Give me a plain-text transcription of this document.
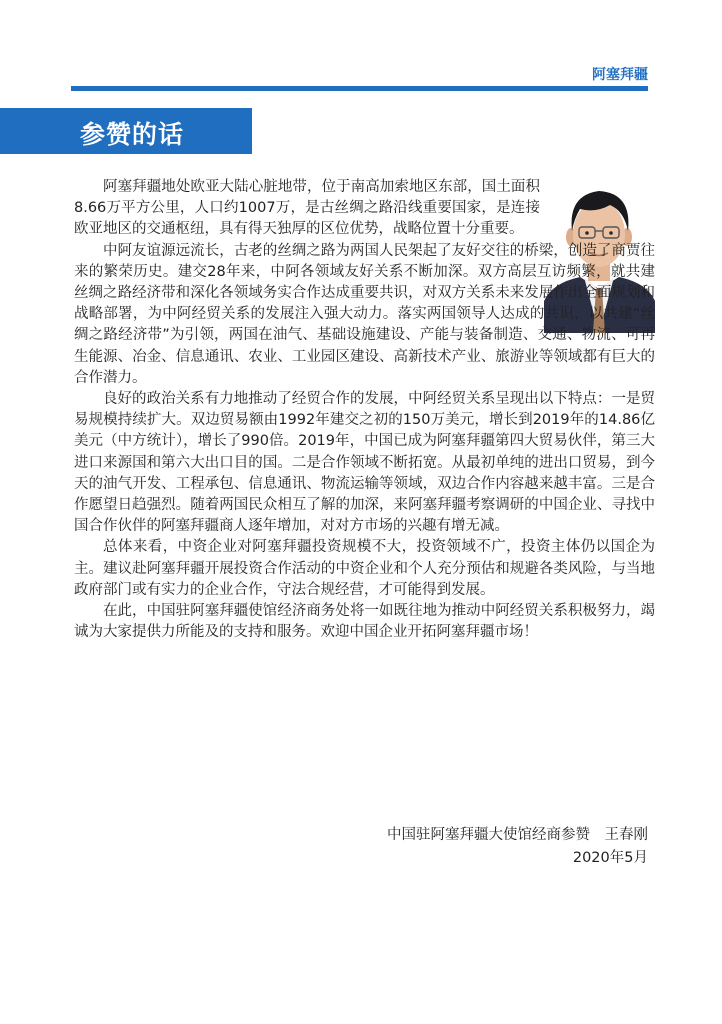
阿塞拜疆
参赞的话

阿塞拜疆地处欧亚大陆心脏地带，位于南高加索地区东部，国土面积8.66万平方公里，人口约1007万，是古丝绸之路沿线重要国家，是连接欧亚地区的交通枢纽，具有得天独厚的区位优势，战略位置十分重要。

中阿友谊源远流长，古老的丝绸之路为两国人民架起了友好交往的桥梁，创造了商贾往来的繁荣历史。建交28年来，中阿各领域友好关系不断加深。双方高层互访频繁，就共建丝绸之路经济带和深化各领域务实合作达成重要共识，对双方关系未来发展作出全面规划和战略部署，为中阿经贸关系的发展注入强大动力。落实两国领导人达成的共识，以共建“丝绸之路经济带”为引领，两国在油气、基础设施建设、产能与装备制造、交通、物流、可再生能源、冶金、信息通讯、农业、工业园区建设、高新技术产业、旅游业等领域都有巨大的合作潜力。

良好的政治关系有力地推动了经贸合作的发展，中阿经贸关系呈现出以下特点：一是贸易规模持续扩大。双边贸易额由1992年建交之初的150万美元，增长到2019年的14.86亿美元（中方统计），增长了990倍。2019年，中国已成为阿塞拜疆第四大贸易伙伴，第三大进口来源国和第六大出口目的国。二是合作领域不断拓宽。从最初单纯的进出口贸易，到今天的油气开发、工程承包、信息通讯、物流运输等领域，双边合作内容越来越丰富。三是合作愿望日趋强烈。随着两国民众相互了解的加深，来阿塞拜疆考察调研的中国企业、寻找中国合作伙伴的阿塞拜疆商人逐年增加，对对方市场的兴趣有增无减。

总体来看，中资企业对阿塞拜疆投资规模不大，投资领域不广，投资主体仍以国企为主。建议赴阿塞拜疆开展投资合作活动的中资企业和个人充分预估和规避各类风险，与当地政府部门或有实力的企业合作，守法合规经营，才可能得到发展。

在此，中国驻阿塞拜疆使馆经济商务处将一如既往地为推动中阿经贸关系积极努力，竭诚为大家提供力所能及的支持和服务。欢迎中国企业开拓阿塞拜疆市场！

中国驻阿塞拜疆大使馆经商参赞　王春刚
2020年5月
